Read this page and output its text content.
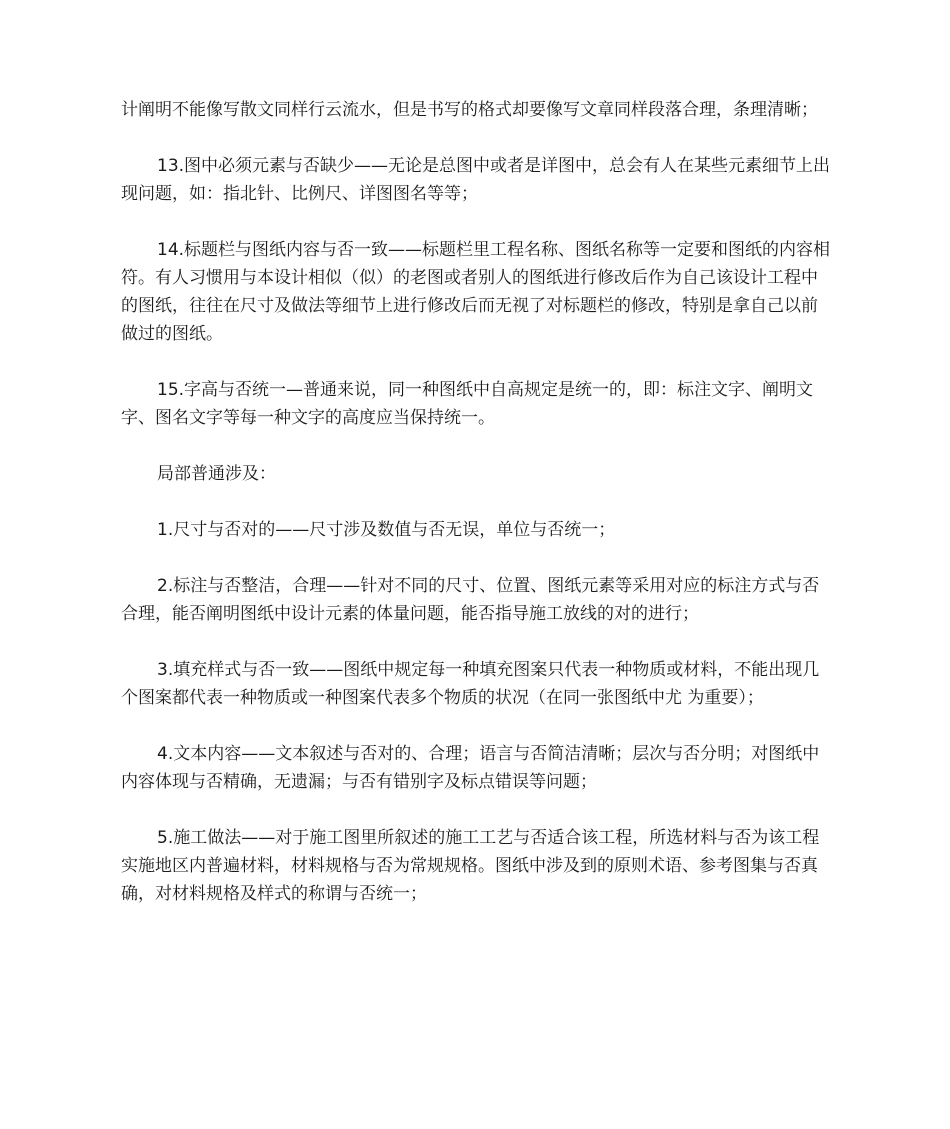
计阐明不能像写散文同样行云流水，但是书写的格式却要像写文章同样段落合理，条理清晰；

13.图中必须元素与否缺少——无论是总图中或者是详图中，总会有人在某些元素细节上出现问题，如：指北针、比例尺、详图图名等等；

14.标题栏与图纸内容与否一致——标题栏里工程名称、图纸名称等一定要和图纸的内容相符。有人习惯用与本设计相似（似）的老图或者别人的图纸进行修改后作为自己该设计工程中的图纸，往往在尺寸及做法等细节上进行修改后而无视了对标题栏的修改，特别是拿自己以前做过的图纸。

15.字高与否统一—普通来说，同一种图纸中自高规定是统一的，即：标注文字、阐明文字、图名文字等每一种文字的高度应当保持统一。

局部普通涉及：

1.尺寸与否对的——尺寸涉及数值与否无误，单位与否统一；

2.标注与否整洁，合理——针对不同的尺寸、位置、图纸元素等采用对应的标注方式与否合理，能否阐明图纸中设计元素的体量问题，能否指导施工放线的对的进行；

3.填充样式与否一致——图纸中规定每一种填充图案只代表一种物质或材料，不能出现几个图案都代表一种物质或一种图案代表多个物质的状况（在同一张图纸中尤 为重要）；

4.文本内容——文本叙述与否对的、合理；语言与否简洁清晰；层次与否分明；对图纸中内容体现与否精确，无遗漏；与否有错别字及标点错误等问题；

5.施工做法——对于施工图里所叙述的施工工艺与否适合该工程，所选材料与否为该工程实施地区内普遍材料，材料规格与否为常规规格。图纸中涉及到的原则术语、参考图集与否真确，对材料规格及样式的称谓与否统一；
